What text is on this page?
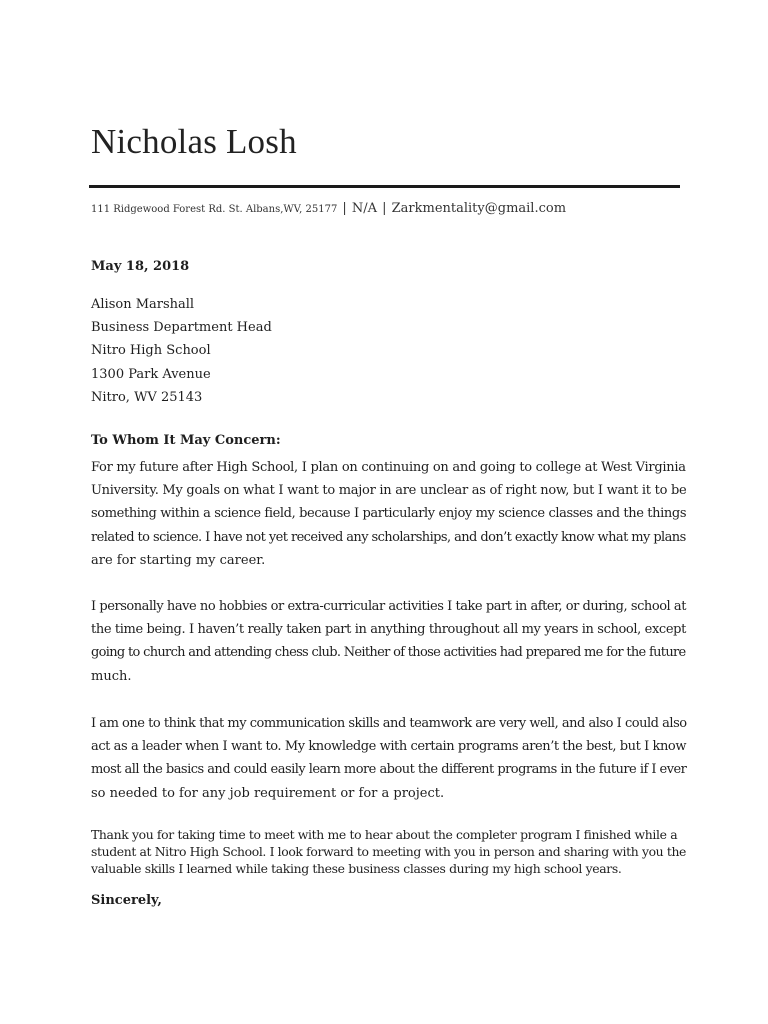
Nicholas Losh
111 Ridgewood Forest Rd. St. Albans,WV, 25177 | N/A | Zarkmentality@gmail.com
May 18, 2018
Alison Marshall
Business Department Head
Nitro High School
1300 Park Avenue
Nitro, WV 25143
To Whom It May Concern:
For my future after High School, I plan on continuing on and going to college at West Virginia
University. My goals on what I want to major in are unclear as of right now, but I want it to be
something within a science field, because I particularly enjoy my science classes and the things
related to science. I have not yet received any scholarships, and don’t exactly know what my plans
are for starting my career.
I personally have no hobbies or extra-curricular activities I take part in after, or during, school at
the time being. I haven’t really taken part in anything throughout all my years in school, except
going to church and attending chess club. Neither of those activities had prepared me for the future
much.
I am one to think that my communication skills and teamwork are very well, and also I could also
act as a leader when I want to. My knowledge with certain programs aren’t the best, but I know
most all the basics and could easily learn more about the different programs in the future if I ever
so needed to for any job requirement or for a project.
Thank you for taking time to meet with me to hear about the completer program I finished while a
student at Nitro High School. I look forward to meeting with you in person and sharing with you the
valuable skills I learned while taking these business classes during my high school years.
Sincerely,
